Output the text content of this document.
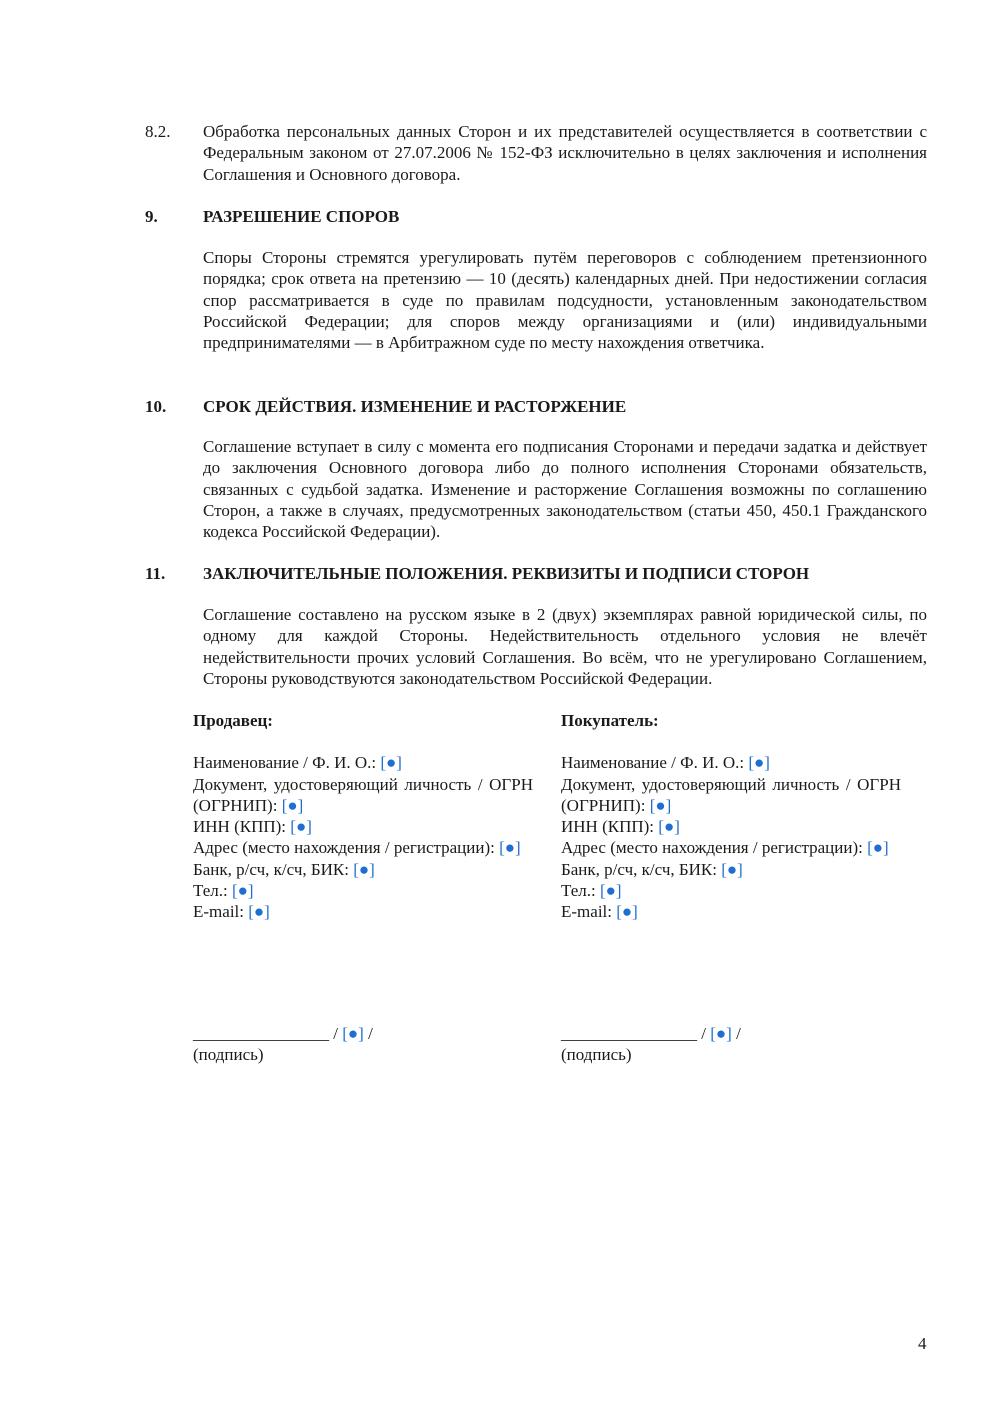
8.2.	Обработка персональных данных Сторон и их представителей осуществляется в соответствии с Федеральным законом от 27.07.2006 № 152-ФЗ исключительно в целях заключения и исполнения Соглашения и Основного договора.
9.	РАЗРЕШЕНИЕ СПОРОВ
Споры Стороны стремятся урегулировать путём переговоров с соблюдением претензионного порядка; срок ответа на претензию — 10 (десять) календарных дней. При недостижении согласия спор рассматривается в суде по правилам подсудности, установленным законодательством Российской Федерации; для споров между организациями и (или) индивидуальными предпринимателями — в Арбитражном суде по месту нахождения ответчика.
10.	СРОК ДЕЙСТВИЯ. ИЗМЕНЕНИЕ И РАСТОРЖЕНИЕ
Соглашение вступает в силу с момента его подписания Сторонами и передачи задатка и действует до заключения Основного договора либо до полного исполнения Сторонами обязательств, связанных с судьбой задатка. Изменение и расторжение Соглашения возможны по соглашению Сторон, а также в случаях, предусмотренных законодательством (статьи 450, 450.1 Гражданского кодекса Российской Федерации).
11.	ЗАКЛЮЧИТЕЛЬНЫЕ ПОЛОЖЕНИЯ. РЕКВИЗИТЫ И ПОДПИСИ СТОРОН
Соглашение составлено на русском языке в 2 (двух) экземплярах равной юридической силы, по одному для каждой Стороны. Недействительность отдельного условия не влечёт недействительности прочих условий Соглашения. Во всём, что не урегулировано Соглашением, Стороны руководствуются законодательством Российской Федерации.
Продавец:
Наименование / Ф. И. О.: [●]
Документ, удостоверяющий личность / ОГРН (ОГРНИП): [●]
ИНН (КПП): [●]
Адрес (место нахождения / регистрации): [●]
Банк, р/сч, к/сч, БИК: [●]
Тел.: [●]
E-mail: [●]
Покупатель:
Наименование / Ф. И. О.: [●]
Документ, удостоверяющий личность / ОГРН (ОГРНИП): [●]
ИНН (КПП): [●]
Адрес (место нахождения / регистрации): [●]
Банк, р/сч, к/сч, БИК: [●]
Тел.: [●]
E-mail: [●]
________________ / [●] /
(подпись)
________________ / [●] /
(подпись)
4
